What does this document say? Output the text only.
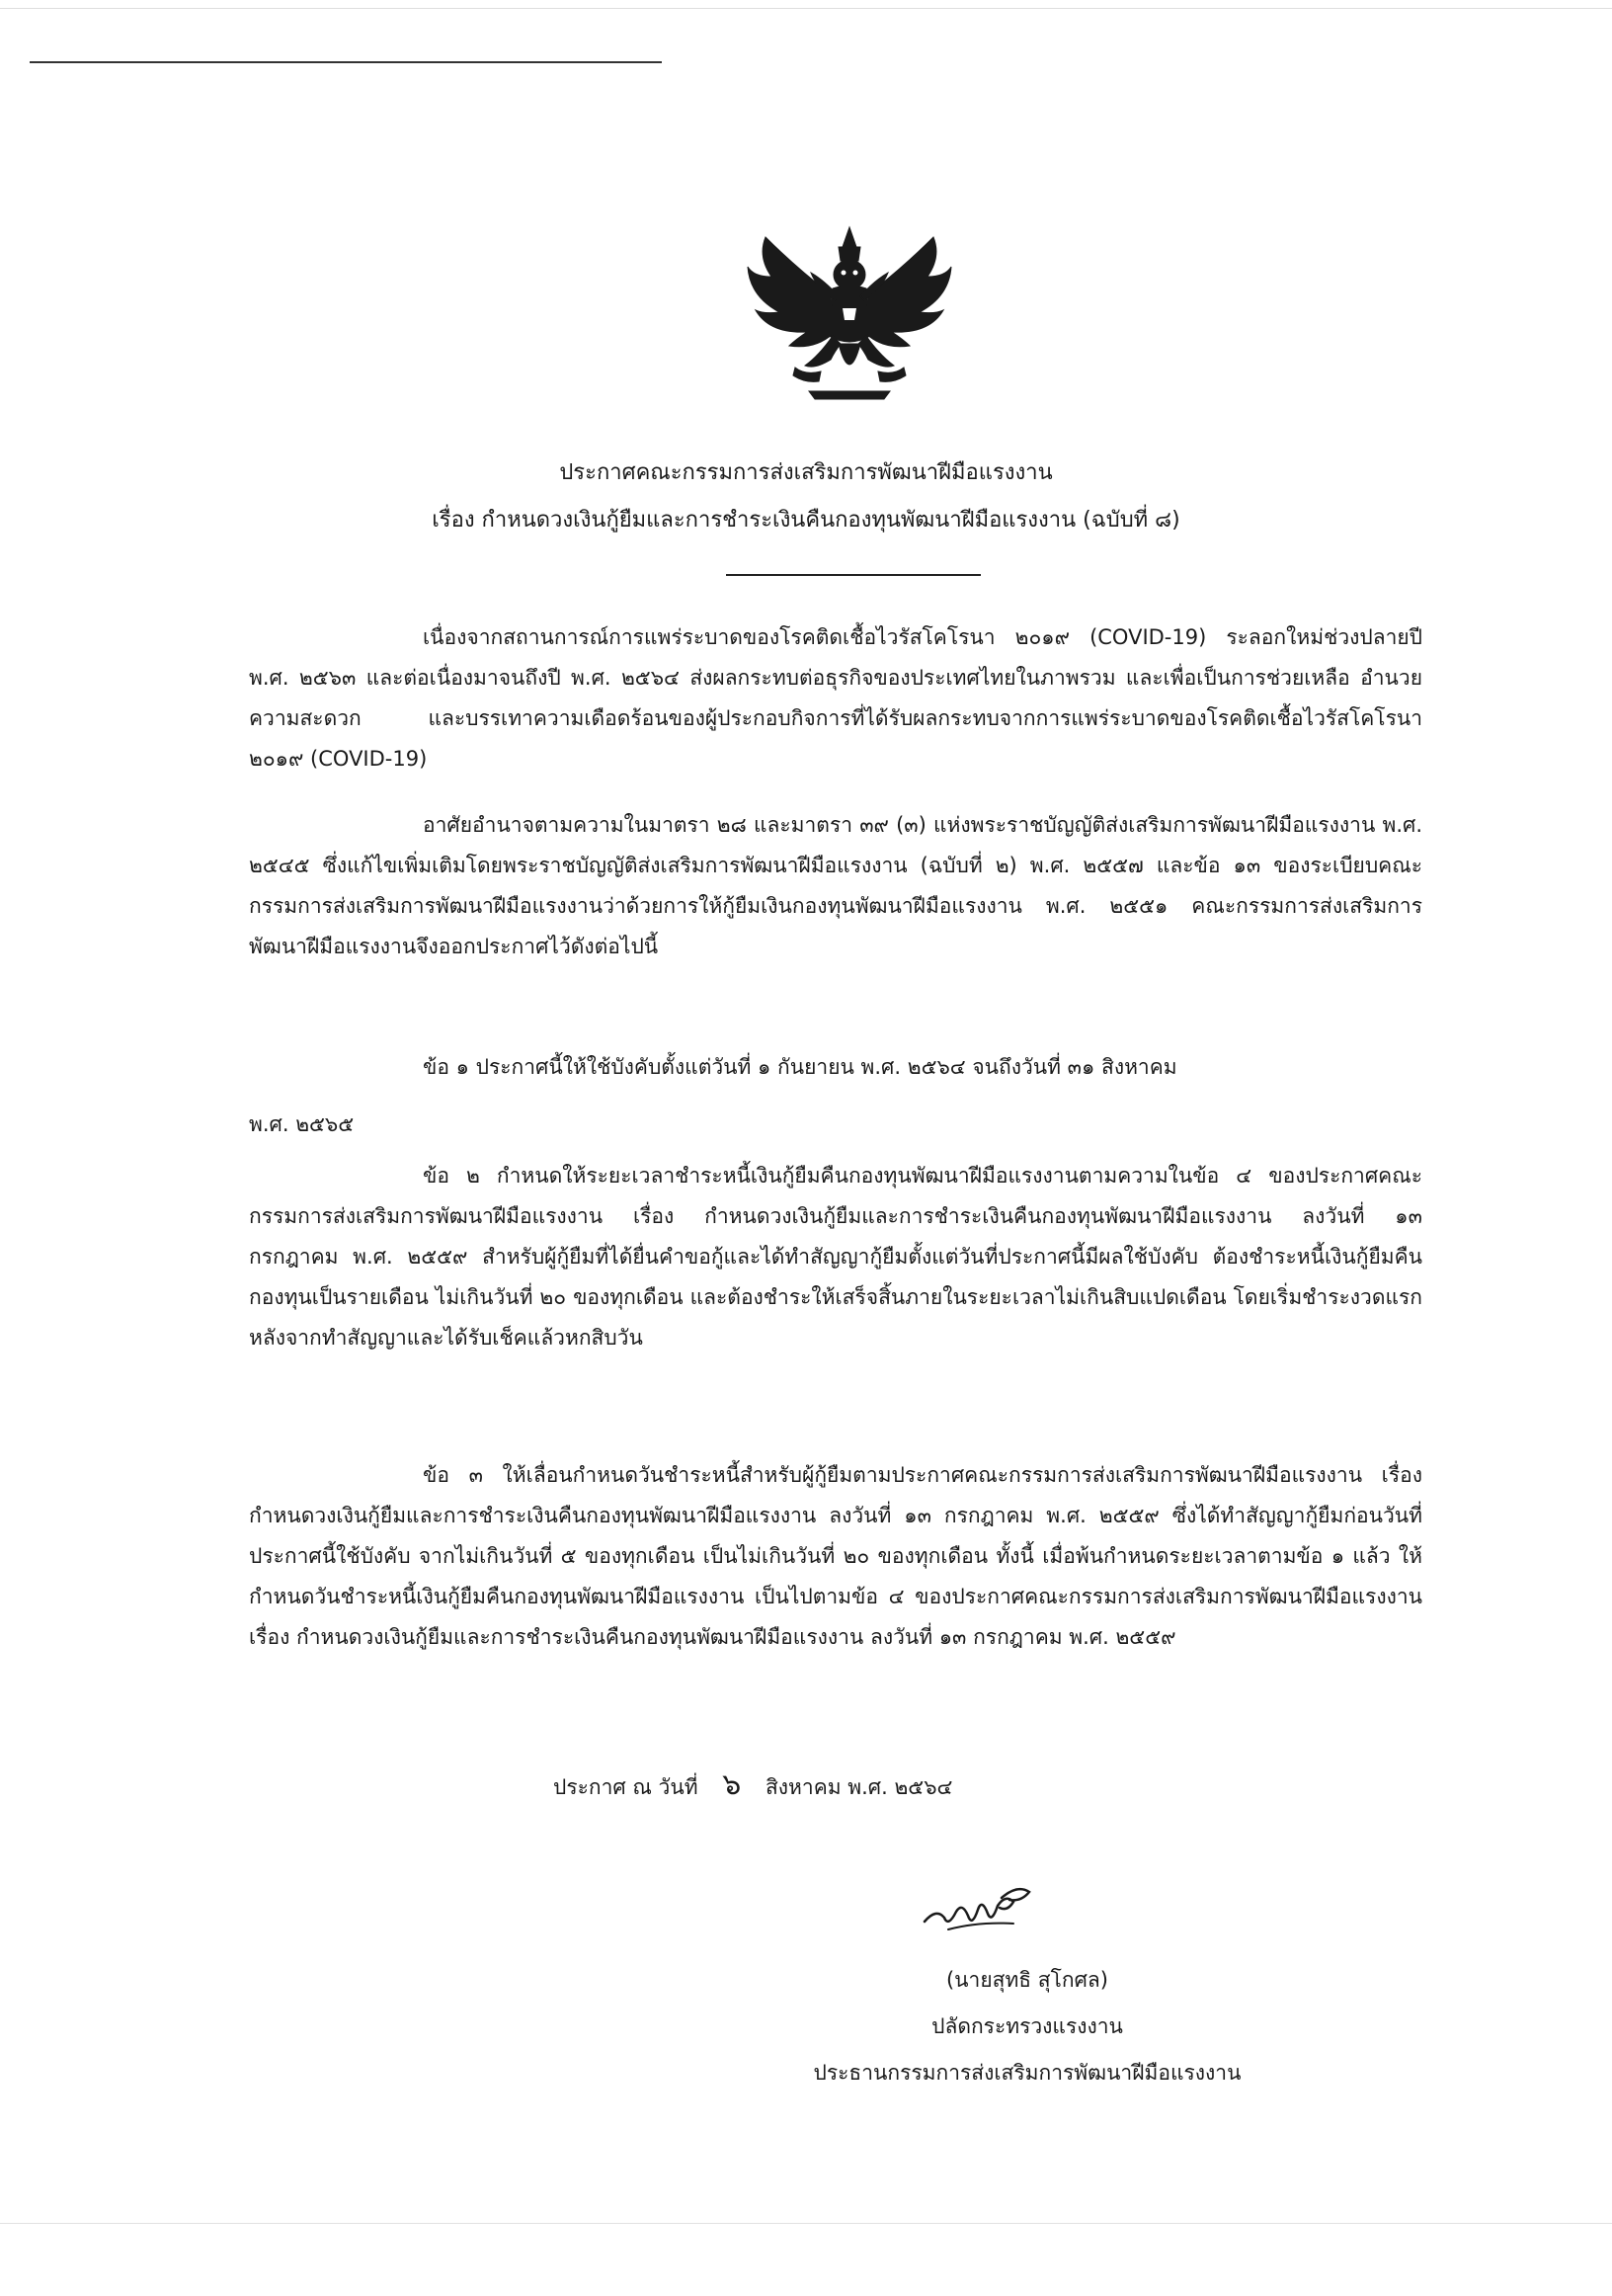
ประกาศคณะกรรมการส่งเสริมการพัฒนาฝีมือแรงงาน
เรื่อง กำหนดวงเงินกู้ยืมและการชำระเงินคืนกองทุนพัฒนาฝีมือแรงงาน (ฉบับที่ ๘)

เนื่องจากสถานการณ์การแพร่ระบาดของโรคติดเชื้อไวรัสโคโรนา ๒๐๑๙ (COVID-19) ระลอกใหม่ช่วงปลายปี พ.ศ. ๒๕๖๓ และต่อเนื่องมาจนถึงปี พ.ศ. ๒๕๖๔ ส่งผลกระทบต่อธุรกิจของประเทศไทยในภาพรวม และเพื่อเป็นการช่วยเหลือ อำนวยความสะดวก และบรรเทาความเดือดร้อนของผู้ประกอบกิจการที่ได้รับผลกระทบจากการแพร่ระบาดของโรคติดเชื้อไวรัสโคโรนา ๒๐๑๙ (COVID-19)

อาศัยอำนาจตามความในมาตรา ๒๘ และมาตรา ๓๙ (๓) แห่งพระราชบัญญัติส่งเสริมการพัฒนาฝีมือแรงงาน พ.ศ. ๒๕๔๕ ซึ่งแก้ไขเพิ่มเติมโดยพระราชบัญญัติส่งเสริมการพัฒนาฝีมือแรงงาน (ฉบับที่ ๒) พ.ศ. ๒๕๕๗ และข้อ ๑๓ ของระเบียบคณะกรรมการส่งเสริมการพัฒนาฝีมือแรงงานว่าด้วยการให้กู้ยืมเงินกองทุนพัฒนาฝีมือแรงงาน พ.ศ. ๒๕๕๑ คณะกรรมการส่งเสริมการพัฒนาฝีมือแรงงานจึงออกประกาศไว้ดังต่อไปนี้

ข้อ ๑ ประกาศนี้ให้ใช้บังคับตั้งแต่วันที่ ๑ กันยายน พ.ศ. ๒๕๖๔ จนถึงวันที่ ๓๑ สิงหาคม

พ.ศ. ๒๕๖๕

ข้อ ๒ กำหนดให้ระยะเวลาชำระหนี้เงินกู้ยืมคืนกองทุนพัฒนาฝีมือแรงงานตามความในข้อ ๔ ของประกาศคณะกรรมการส่งเสริมการพัฒนาฝีมือแรงงาน เรื่อง กำหนดวงเงินกู้ยืมและการชำระเงินคืนกองทุนพัฒนาฝีมือแรงงาน ลงวันที่ ๑๓ กรกฎาคม พ.ศ. ๒๕๕๙ สำหรับผู้กู้ยืมที่ได้ยื่นคำขอกู้และได้ทำสัญญากู้ยืมตั้งแต่วันที่ประกาศนี้มีผลใช้บังคับ ต้องชำระหนี้เงินกู้ยืมคืนกองทุนเป็นรายเดือน ไม่เกินวันที่ ๒๐ ของทุกเดือน และต้องชำระให้เสร็จสิ้นภายในระยะเวลาไม่เกินสิบแปดเดือน โดยเริ่มชำระงวดแรกหลังจากทำสัญญาและได้รับเช็คแล้วหกสิบวัน

ข้อ ๓ ให้เลื่อนกำหนดวันชำระหนี้สำหรับผู้กู้ยืมตามประกาศคณะกรรมการส่งเสริมการพัฒนาฝีมือแรงงาน เรื่อง กำหนดวงเงินกู้ยืมและการชำระเงินคืนกองทุนพัฒนาฝีมือแรงงาน ลงวันที่ ๑๓ กรกฎาคม พ.ศ. ๒๕๕๙ ซึ่งได้ทำสัญญากู้ยืมก่อนวันที่ประกาศนี้ใช้บังคับ จากไม่เกินวันที่ ๕ ของทุกเดือน เป็นไม่เกินวันที่ ๒๐ ของทุกเดือน ทั้งนี้ เมื่อพ้นกำหนดระยะเวลาตามข้อ ๑ แล้ว ให้กำหนดวันชำระหนี้เงินกู้ยืมคืนกองทุนพัฒนาฝีมือแรงงาน เป็นไปตามข้อ ๔ ของประกาศคณะกรรมการส่งเสริมการพัฒนาฝีมือแรงงาน เรื่อง กำหนดวงเงินกู้ยืมและการชำระเงินคืนกองทุนพัฒนาฝีมือแรงงาน ลงวันที่ ๑๓ กรกฎาคม พ.ศ. ๒๕๕๙

ประกาศ ณ วันที่ ๖ สิงหาคม พ.ศ. ๒๕๖๔
(นายสุทธิ สุโกศล)
ปลัดกระทรวงแรงงาน
ประธานกรรมการส่งเสริมการพัฒนาฝีมือแรงงาน
